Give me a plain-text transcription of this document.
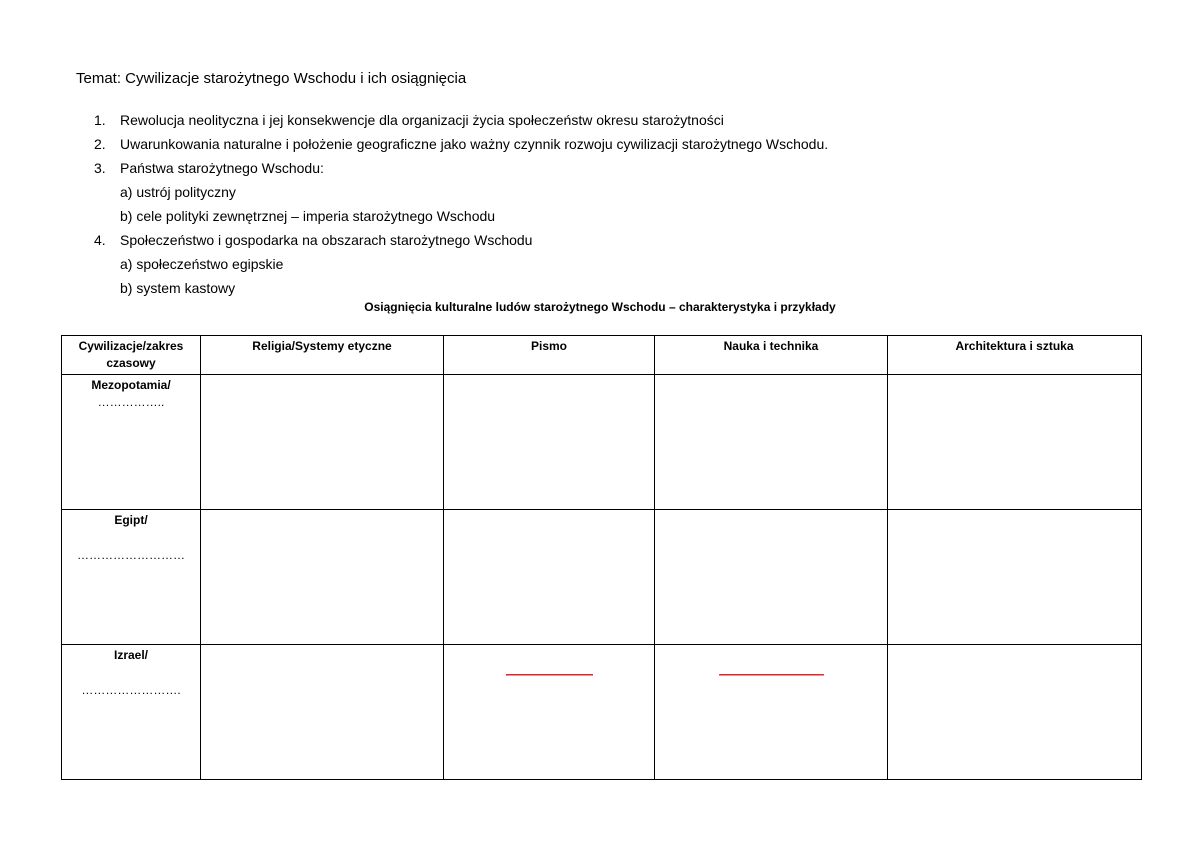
Temat: Cywilizacje starożytnego Wschodu i ich osiągnięcia
1.	Rewolucja neolityczna i jej konsekwencje dla organizacji życia społeczeństw okresu starożytności
2.	Uwarunkowania naturalne i położenie geograficzne jako ważny czynnik rozwoju cywilizacji starożytnego Wschodu.
3.	Państwa starożytnego Wschodu:
a) ustrój polityczny
b) cele polityki zewnętrznej – imperia starożytnego Wschodu
4.	Społeczeństwo i gospodarka na obszarach starożytnego Wschodu
a) społeczeństwo egipskie
b) system kastowy
Osiągnięcia kulturalne ludów starożytnego Wschodu – charakterystyka i przykłady
Cywilizacje/zakres czasowy	Religia/Systemy etyczne	Pismo	Nauka i technika	Architektura i sztuka
Mezopotamia/
……………..				

Egipt/
………………………				

Izrael/
…………………….		-----------------------------	-----------------------------------	
